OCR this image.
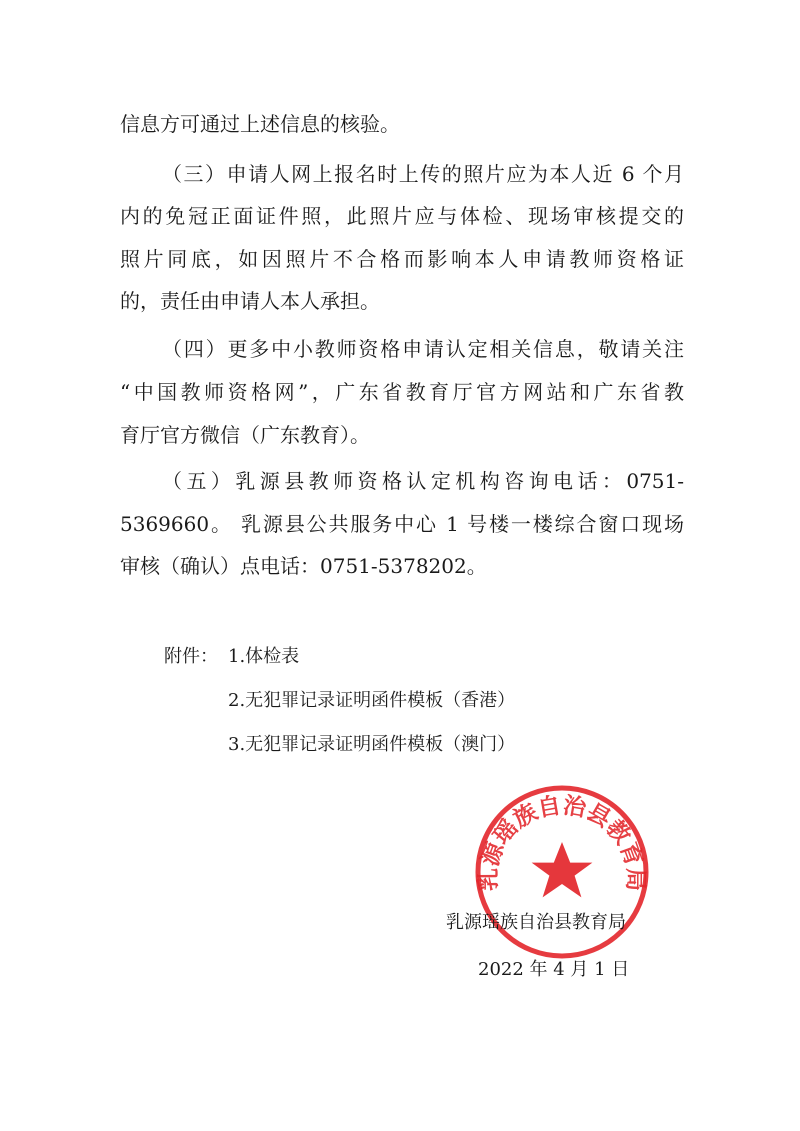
信息方可通过上述信息的核验。
（三）申请人网上报名时上传的照片应为本人近 6 个月
内的免冠正面证件照，此照片应与体检、现场审核提交的
照片同底，如因照片不合格而影响本人申请教师资格证
的，责任由申请人本人承担。
（四）更多中小教师资格申请认定相关信息，敬请关注
“中国教师资格网”，广东省教育厅官方网站和广东省教
育厅官方微信（广东教育）。
（五）乳源县教师资格认定机构咨询电话：0751-
5369660。 乳源县公共服务中心 1 号楼一楼综合窗口现场
审核（确认）点电话：0751-5378202。
附件： 1.体检表
2.无犯罪记录证明函件模板（香港）
3.无犯罪记录证明函件模板（澳门）
乳源瑶族自治县教育局
乳源瑶族自治县教育局
2022 年 4 月 1 日
